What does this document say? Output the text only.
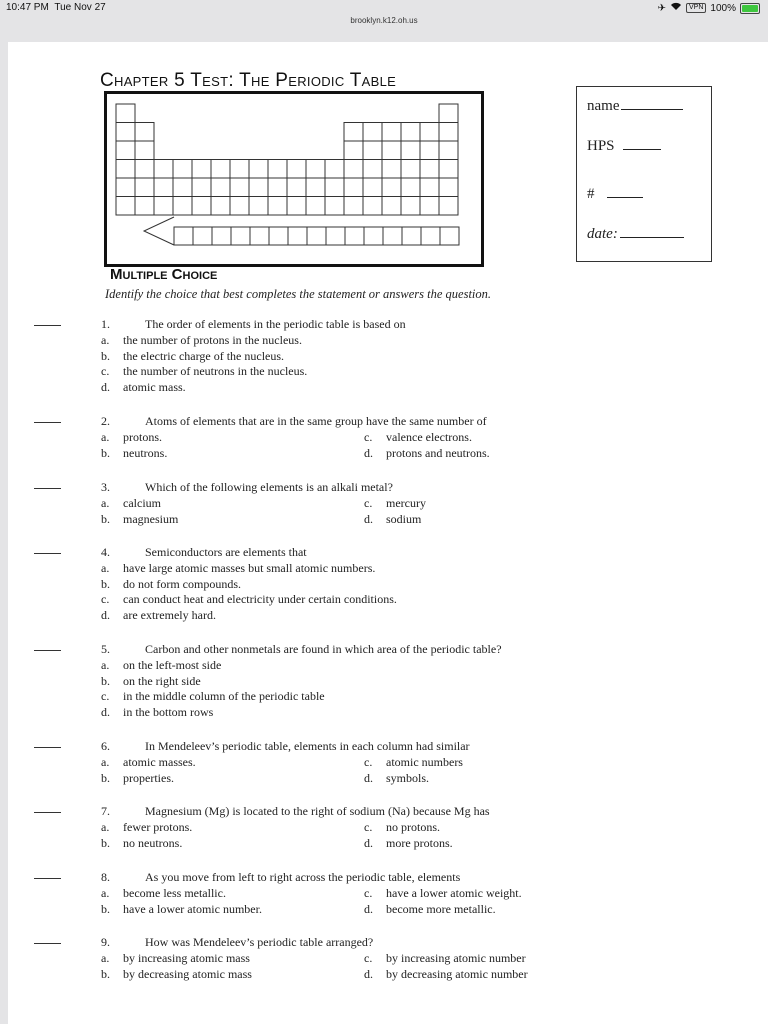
10:47 PM Tue Nov 27	✈	VPN 100%
brooklyn.k12.oh.us
Chapter 5 Test: The Periodic Table
name
HPS
#
date:
Multiple Choice
Identify the choice that best completes the statement or answers the question.
1.	The order of elements in the periodic table is based on
a. the number of protons in the nucleus.
b. the electric charge of the nucleus.
c. the number of neutrons in the nucleus.
d. atomic mass.
2.	Atoms of elements that are in the same group have the same number of
a. protons.	c. valence electrons.
b. neutrons.	d. protons and neutrons.
3.	Which of the following elements is an alkali metal?
a. calcium	c. mercury
b. magnesium	d. sodium
4.	Semiconductors are elements that
a. have large atomic masses but small atomic numbers.
b. do not form compounds.
c. can conduct heat and electricity under certain conditions.
d. are extremely hard.
5.	Carbon and other nonmetals are found in which area of the periodic table?
a. on the left-most side
b. on the right side
c. in the middle column of the periodic table
d. in the bottom rows
6.	In Mendeleev’s periodic table, elements in each column had similar
a. atomic masses.	c. atomic numbers
b. properties.	d. symbols.
7.	Magnesium (Mg) is located to the right of sodium (Na) because Mg has
a. fewer protons.	c. no protons.
b. no neutrons.	d. more protons.
8.	As you move from left to right across the periodic table, elements
a. become less metallic.	c. have a lower atomic weight.
b. have a lower atomic number.	d. become more metallic.
9.	How was Mendeleev’s periodic table arranged?
a. by increasing atomic mass	c. by increasing atomic number
b. by decreasing atomic mass	d. by decreasing atomic number
